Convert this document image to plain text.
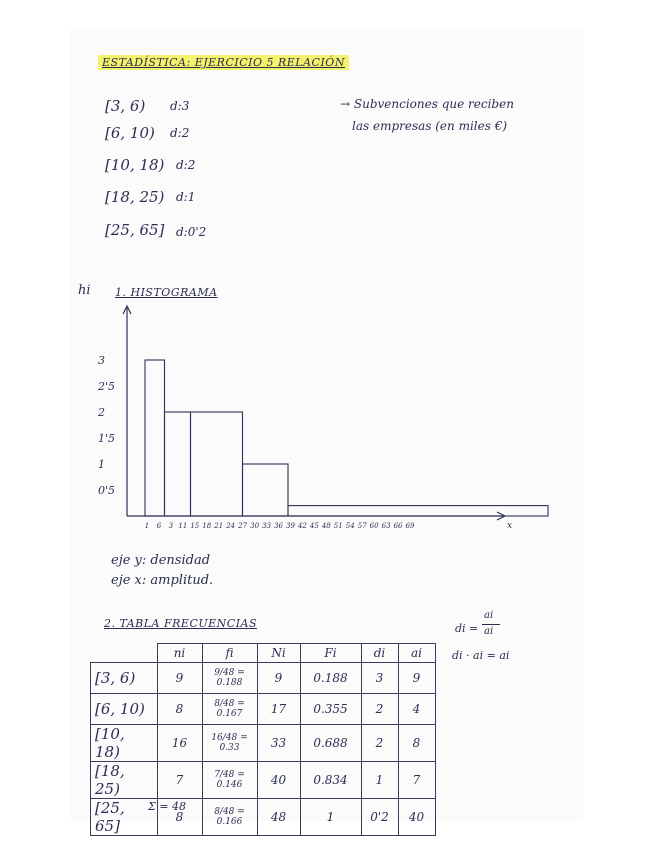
ESTADÍSTICA: EJERCICIO 5 RELACIÓN
[3, 6) d:3
[6, 10) d:2
[10, 18) d:2
[18, 25) d:1
[25, 65] d:0'2
→ Subvenciones que reciben
las empresas (en miles €)
hi 1. HISTOGRAMA
3
2'5
2
1'5
1
0'5
1 6 3 11 15 18 21 24 27 30 33 36 39 42 45 48 51 54 57 60 63 66 69	x
eje y: densidad
eje x: amplitud.
2. TABLA FRECUENCIAS	di =
ai
ai
di · ai = ai
	ni	fi	Ni	Fi	di	ai
[3, 6)	9	9/48 = 0.188	9	0.188	3	9
[6, 10)	8	8/48 = 0.167	17	0.355	2	4
[10, 18)	16	16/48 = 0.33	33	0.688	2	8
[18, 25)	7	7/48 = 0.146	40	0.834	1	7
[25, 65]	8	8/48 = 0.166	48	1	0'2	40
Σ = 48
